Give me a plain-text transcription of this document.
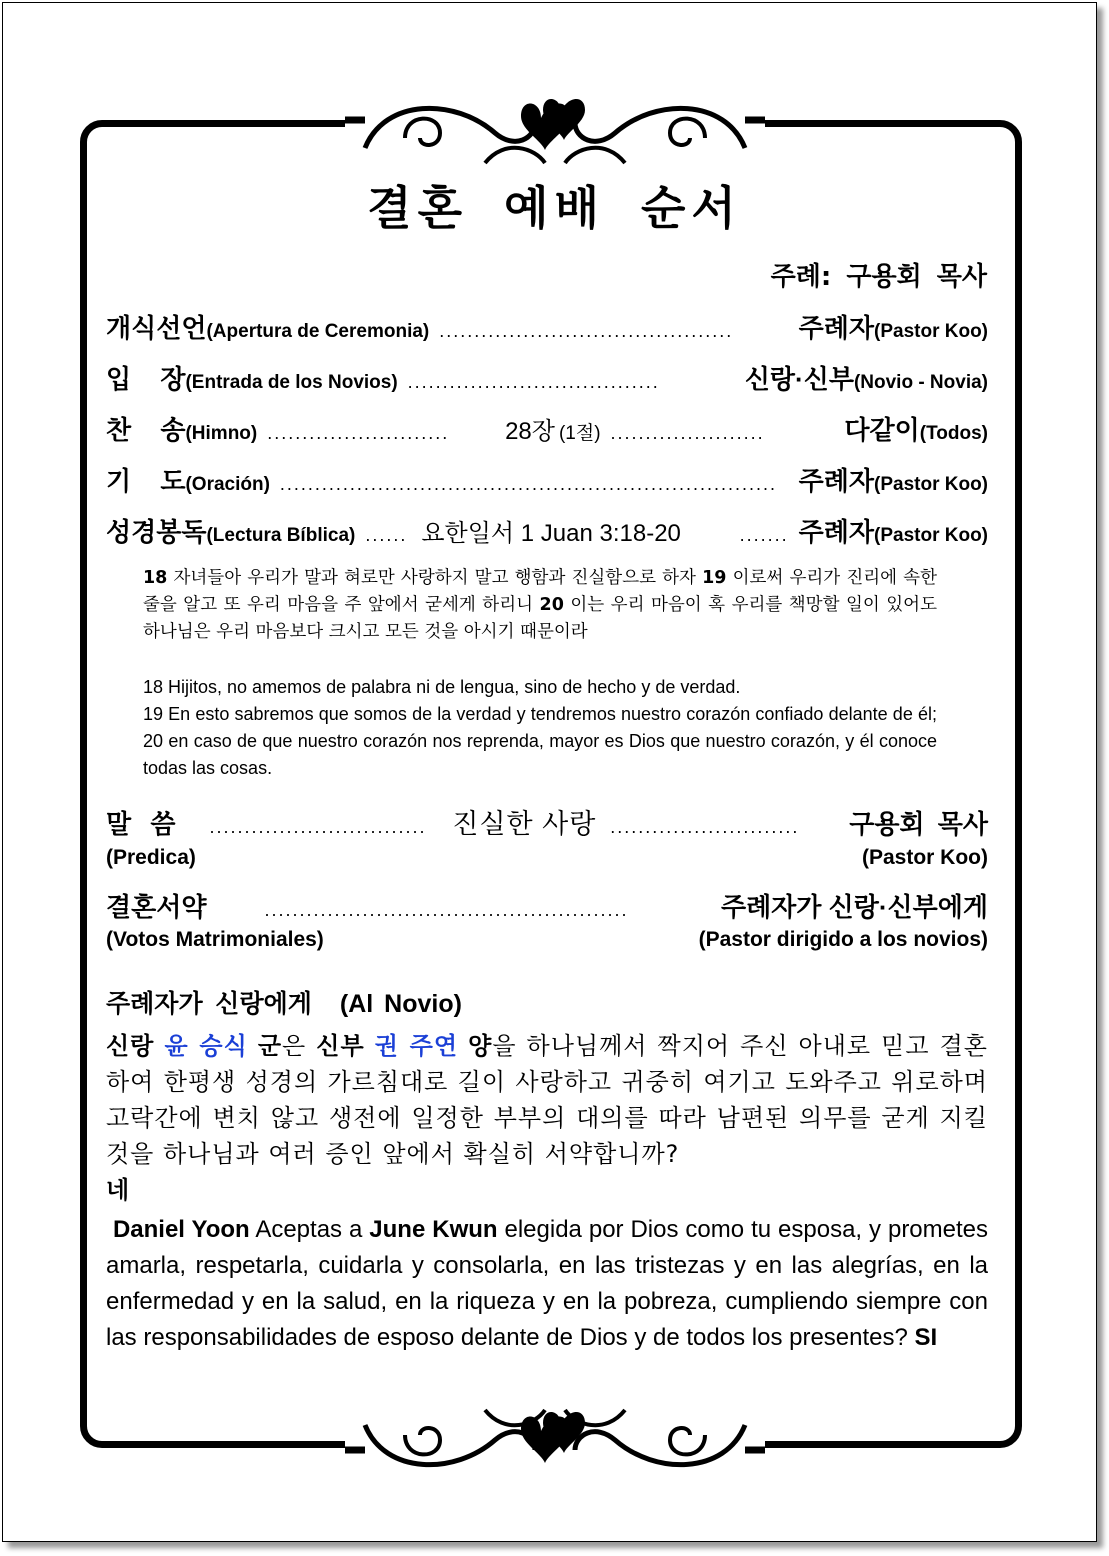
결혼 예배 순서
주례: 구용회 목사
개식선언 (Apertura de Ceremonia) ..........................................	주례자 (Pastor Koo)
입 장 (Entrada de los Novios) ....................................	신랑·신부 (Novio - Novia)
찬 송 (Himno) ..........................	28장 (1절) ......................	다같이 (Todos)
기 도 (Oración) ....................................................................... 주례자 (Pastor Koo)
성경봉독 (Lectura Bíblica) ...... 요한일서 1 Juan 3:18-20	....... 주례자 (Pastor Koo)
18 자녀들아 우리가 말과 혀로만 사랑하지 말고 행함과 진실함으로 하자 19 이로써 우리가 진리에 속한 줄을 알고 또 우리 마음을 주 앞에서 굳세게 하리니 20 이는 우리 마음이 혹 우리를 책망할 일이 있어도 하나님은 우리 마음보다 크시고 모든 것을 아시기 때문이라
18 Hijitos, no amemos de palabra ni de lengua, sino de hecho y de verdad.
19 En esto sabremos que somos de la verdad y tendremos nuestro corazón confiado delante de él; 20 en caso de que nuestro corazón nos reprenda, mayor es Dios que nuestro corazón, y él conoce todas las cosas.
말 씀 ............................... 진실한 사랑 ...........................	구용회 목사
(Predica)	(Pastor Koo)
결혼서약	....................................................	주례자가 신랑·신부에게
(Votos Matrimoniales)	(Pastor dirigido a los novios)
주례자가 신랑에게 (Al Novio)
신랑 윤 승식 군은 신부 권 주연 양을 하나님께서 짝지어 주신 아내로 믿고 결혼하여 한평생 성경의 가르침대로 길이 사랑하고 귀중히 여기고 도와주고 위로하며 고락간에 변치 않고 생전에 일정한 부부의 대의를 따라 남편된 의무를 굳게 지킬 것을 하나님과 여러 증인 앞에서 확실히 서약합니까?
네
Daniel Yoon Aceptas a June Kwun elegida por Dios como tu esposa, y prometes amarla, respetarla, cuidarla y consolarla, en las tristezas y en las alegrías, en la enfermedad y en la salud, en la riqueza y en la pobreza, cumpliendo siempre con las responsabilidades de esposo delante de Dios y de todos los presentes? SI
